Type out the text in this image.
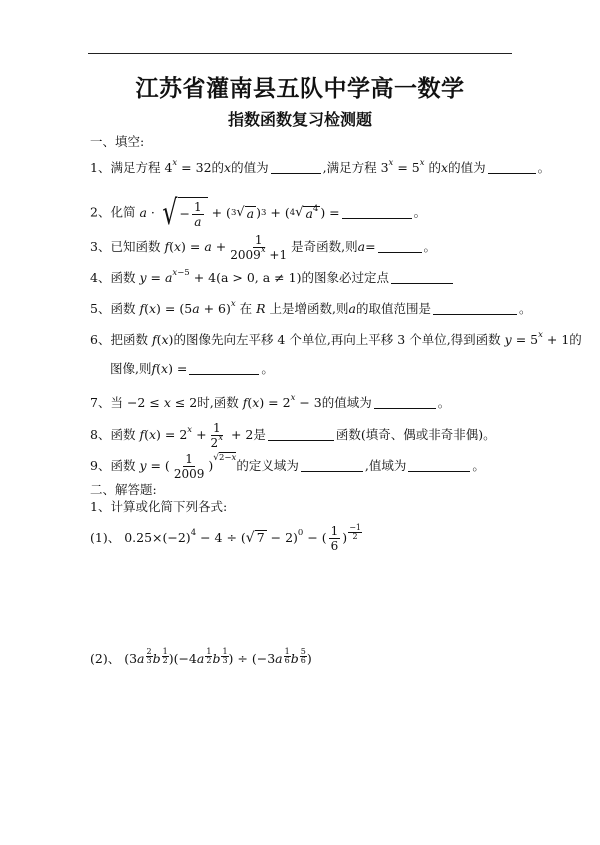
江苏省灌南县五队中学高一数学
指数函数复习检测题
一、填空:
1、满足方程 $4^x = 32$的x的值为	,满足方程 $3^x = 5^x$ 的x的值为	。
2、化简 a · √ − $\frac{1}{a}$ + ( 3 √ a ) 3 + ( 4 √ $a^4$ ) =	。
3、已知函数 $f(x) = a + \frac{1}{2009^x +1}$ 是奇函数,则a=	。
4、函数 $y = a^{x-5} + 4(a > 0$, a ≠ 1)的图象必过定点
5、函数 $f(x) = (5a + 6)^x$ 在 R 上是增函数,则a的取值范围是	。
6、把函数 f(x)的图像先向左平移 4 个单位,再向上平移 3 个单位,得到函数 $y = 5^x + 1$的
图像,则f(x) =	。
7、当 −2 ≤ x ≤ 2时,函数 $f(x) = 2^x - 3$的值域为	。
8、函数 $f(x) = 2^x + \frac{1}{2^x} + 2$是	函数(填奇、偶或非奇非偶)。
9、函数 y = ( $\frac{1}{2009} )^{√2-x}$的定义域为	,值域为	。
二、解答题:
1、计算或化简下列各式:
(1)、 $0.25\times(-2)^4 - 4$ ÷ (√ 7 − 2)$^0$ − ( $\frac{1}{6}$ ) $\frac{-1}{2}$
(2)、 ($3a \frac{2}{3}$ b $\frac{1}{2} )(-4a \frac{1}{2}$ b $\frac{1}{3}$ ) ÷ ($-3a \frac{1}{6}$ b $\frac{5}{6}$ )
